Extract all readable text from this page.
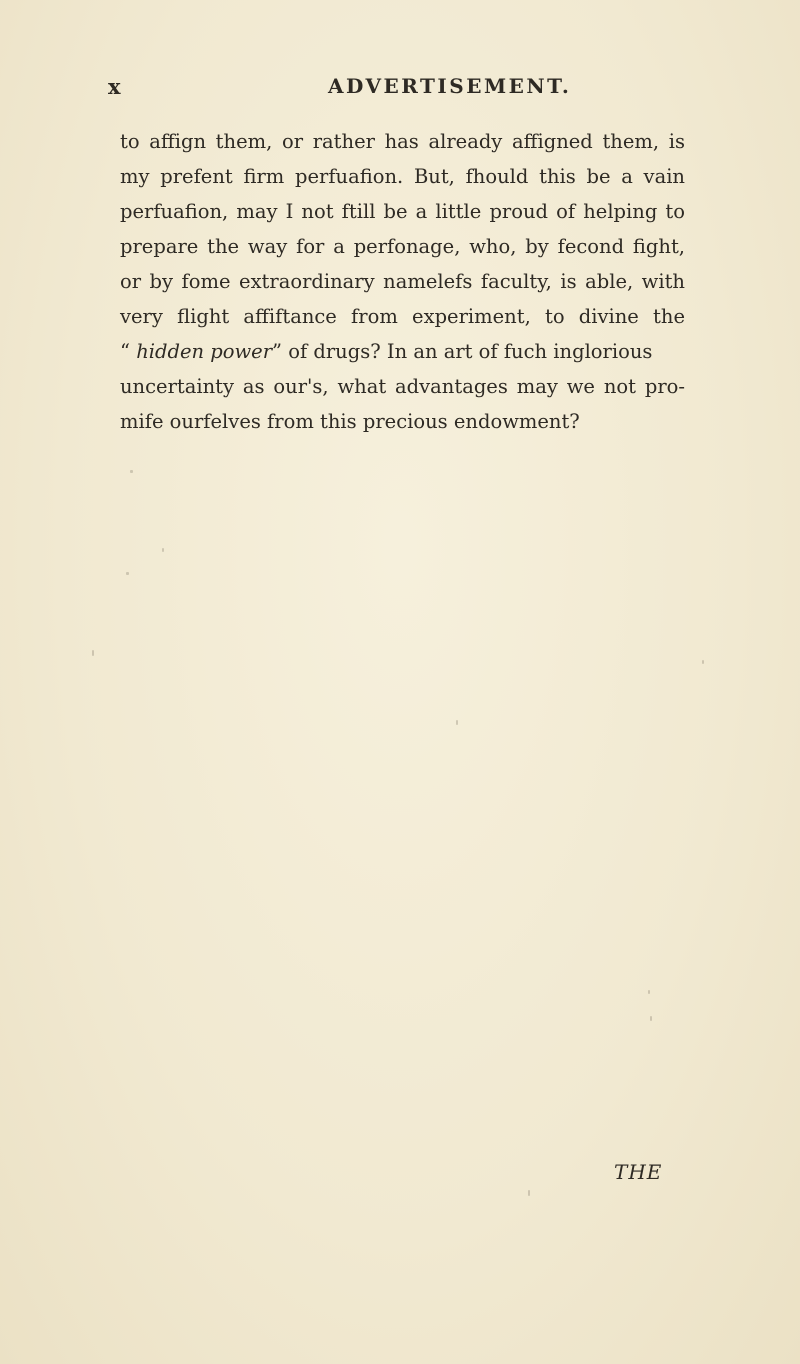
x	ADVERTISEMENT.
to affign them, or rather has already affigned them, is
my prefent firm perfuafion. But, fhould this be a vain
perfuafion, may I not ftill be a little proud of helping to
prepare the way for a perfonage, who, by fecond fight,
or by fome extraordinary namelefs faculty, is able, with
very flight affiftance from experiment, to divine the
“ hidden power” of drugs? In an art of fuch inglorious
uncertainty as our's, what advantages may we not pro-
mife ourfelves from this precious endowment?
THE
